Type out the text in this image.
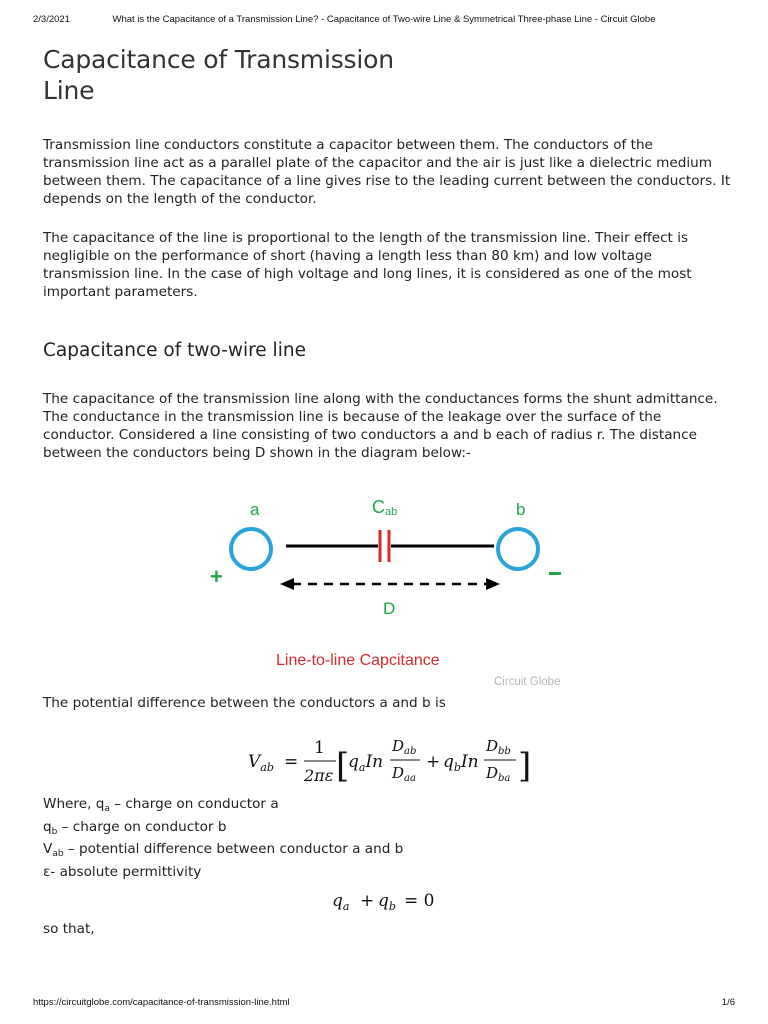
2/3/2021	What is the Capacitance of a Transmission Line? - Capacitance of Two-wire Line & Symmetrical Three-phase Line - Circuit Globe
Capacitance of Transmission Line

Transmission line conductors constitute a capacitor between them. The conductors of the transmission line act as a parallel plate of the capacitor and the air is just like a dielectric medium between them. The capacitance of a line gives rise to the leading current between the conductors. It depends on the length of the conductor.

The capacitance of the line is proportional to the length of the transmission line. Their effect is negligible on the performance of short (having a length less than 80 km) and low voltage transmission line. In the case of high voltage and long lines, it is considered as one of the most important parameters.

Capacitance of two-wire line

The capacitance of the transmission line along with the conductances forms the shunt admittance. The conductance in the transmission line is because of the leakage over the surface of the conductor. Considered a line consisting of two conductors a and b each of radius r. The distance between the conductors being D shown in the diagram below:-

a	b
Cab
+
D
Line-to-line Capcitance
Circuit Globe

The potential difference between the conductors a and b is

$V_{ab}$ =
1
2πε [
$q_aIn$
$D_{ab}$
$D_{aa}$
+ $q_bIn$
$D_{bb}$
$D_{ba}$ ]
Where, $q_a$ – charge on conductor a
$q_b$ – charge on conductor b
$V_{ab}$ – potential difference between conductor a and b
ε- absolute permittivity
$q_a + q_b = 0$

so that,

https://circuitglobe.com/capacitance-of-transmission-line.html	1/6
